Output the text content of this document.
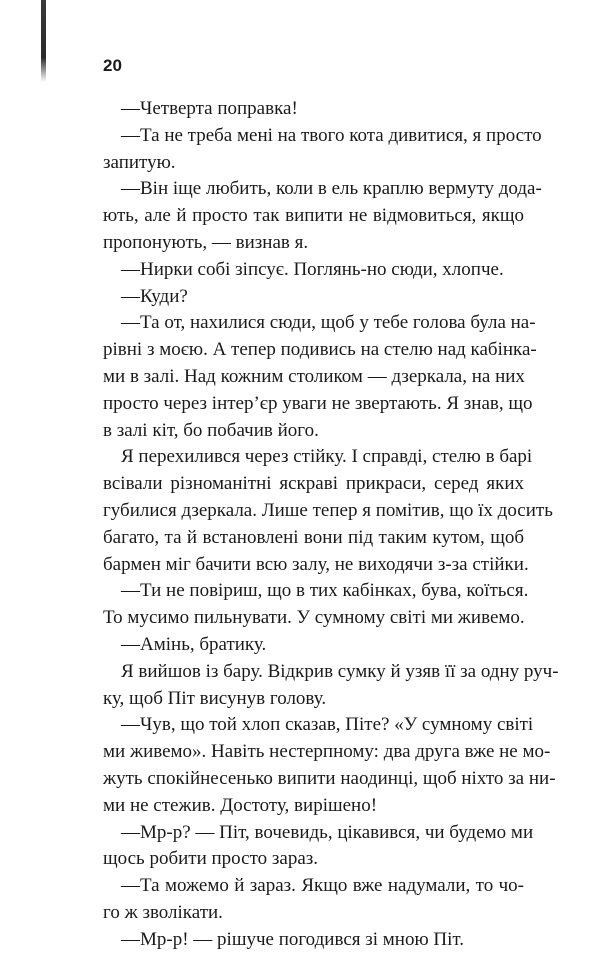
20
—Четверта поправка!
—Та не треба мені на твого кота дивитися, я просто
запитую.
—Він іще любить, коли в ель краплю вермуту дода-
ють, але й просто так випити не відмовиться, якщо
пропонують, — визнав я.
—Нирки собі зіпсує. Поглянь-но сюди, хлопче.
—Куди?
—Та от, нахилися сюди, щоб у тебе голова була на-
рівні з моєю. А тепер подивись на стелю над кабінка-
ми в залі. Над кожним столиком — дзеркала, на них
просто через інтер’єр уваги не звертають. Я знав, що
в залі кіт, бо побачив його.
Я перехилився через стійку. І справді, стелю в барі
всівали різноманітні яскраві прикраси, серед яких
губилися дзеркала. Лише тепер я помітив, що їх досить
багато, та й встановлені вони під таким кутом, щоб
бармен міг бачити всю залу, не виходячи з-за стійки.
—Ти не повіриш, що в тих кабінках, бува, коїться.
То мусимо пильнувати. У сумному світі ми живемо.
—Амінь, братику.
Я вийшов із бару. Відкрив сумку й узяв її за одну руч-
ку, щоб Піт висунув голову.
—Чув, що той хлоп сказав, Піте? «У сумному світі
ми живемо». Навіть нестерпному: два друга вже не мо-
жуть спокійнесенько випити наодинці, щоб ніхто за ни-
ми не стежив. Достоту, вирішено!
—Мр-р? — Піт, вочевидь, цікавився, чи будемо ми
щось робити просто зараз.
—Та можемо й зараз. Якщо вже надумали, то чо-
го ж зволікати.
—Мр-р! — рішуче погодився зі мною Піт.
